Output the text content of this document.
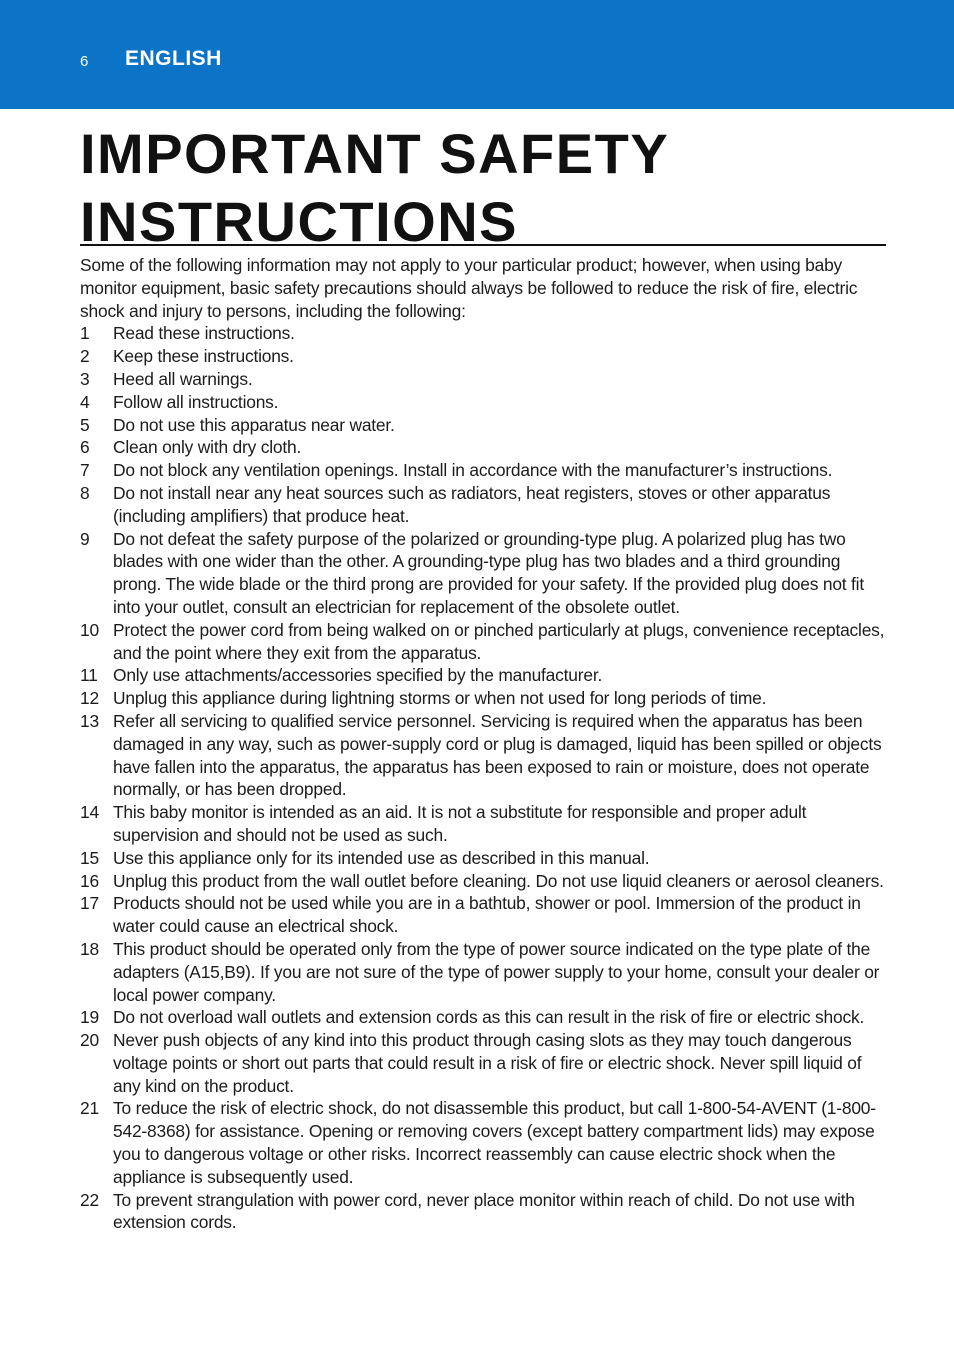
6 ENGLISH
IMPORTANT SAFETY INSTRUCTIONS

Some of the following information may not apply to your particular product; however, when using baby monitor equipment, basic safety precautions should always be followed to reduce the risk of fire, electric shock and injury to persons, including the following:

1	Read these instructions.
2	Keep these instructions.
3	Heed all warnings.
4	Follow all instructions.
5	Do not use this apparatus near water.
6	Clean only with dry cloth.
7	Do not block any ventilation openings. Install in accordance with the manufacturer’s instructions.
8	Do not install near any heat sources such as radiators, heat registers, stoves or other apparatus (including amplifiers) that produce heat.
9	Do not defeat the safety purpose of the polarized or grounding-type plug. A polarized plug has two blades with one wider than the other. A grounding-type plug has two blades and a third grounding prong. The wide blade or the third prong are provided for your safety. If the provided plug does not fit into your outlet, consult an electrician for replacement of the obsolete outlet.
10 Protect the power cord from being walked on or pinched particularly at plugs, convenience receptacles, and the point where they exit from the apparatus.
11 Only use attachments/accessories specified by the manufacturer.
12 Unplug this appliance during lightning storms or when not used for long periods of time.
13 Refer all servicing to qualified service personnel. Servicing is required when the apparatus has been damaged in any way, such as power-supply cord or plug is damaged, liquid has been spilled or objects have fallen into the apparatus, the apparatus has been exposed to rain or moisture, does not operate normally, or has been dropped.
14 This baby monitor is intended as an aid. It is not a substitute for responsible and proper adult supervision and should not be used as such.
15 Use this appliance only for its intended use as described in this manual.
16 Unplug this product from the wall outlet before cleaning. Do not use liquid cleaners or aerosol cleaners.
17 Products should not be used while you are in a bathtub, shower or pool. Immersion of the product in water could cause an electrical shock.
18 This product should be operated only from the type of power source indicated on the type plate of the adapters (A15,B9). If you are not sure of the type of power supply to your home, consult your dealer or local power company.
19 Do not overload wall outlets and extension cords as this can result in the risk of fire or electric shock.
20 Never push objects of any kind into this product through casing slots as they may touch dangerous voltage points or short out parts that could result in a risk of fire or electric shock. Never spill liquid of any kind on the product.
21 To reduce the risk of electric shock, do not disassemble this product, but call 1-800-54-AVENT (1-800-542-8368) for assistance. Opening or removing covers (except battery compartment lids) may expose you to dangerous voltage or other risks. Incorrect reassembly can cause electric shock when the appliance is subsequently used.
22 To prevent strangulation with power cord, never place monitor within reach of child. Do not use with extension cords.
